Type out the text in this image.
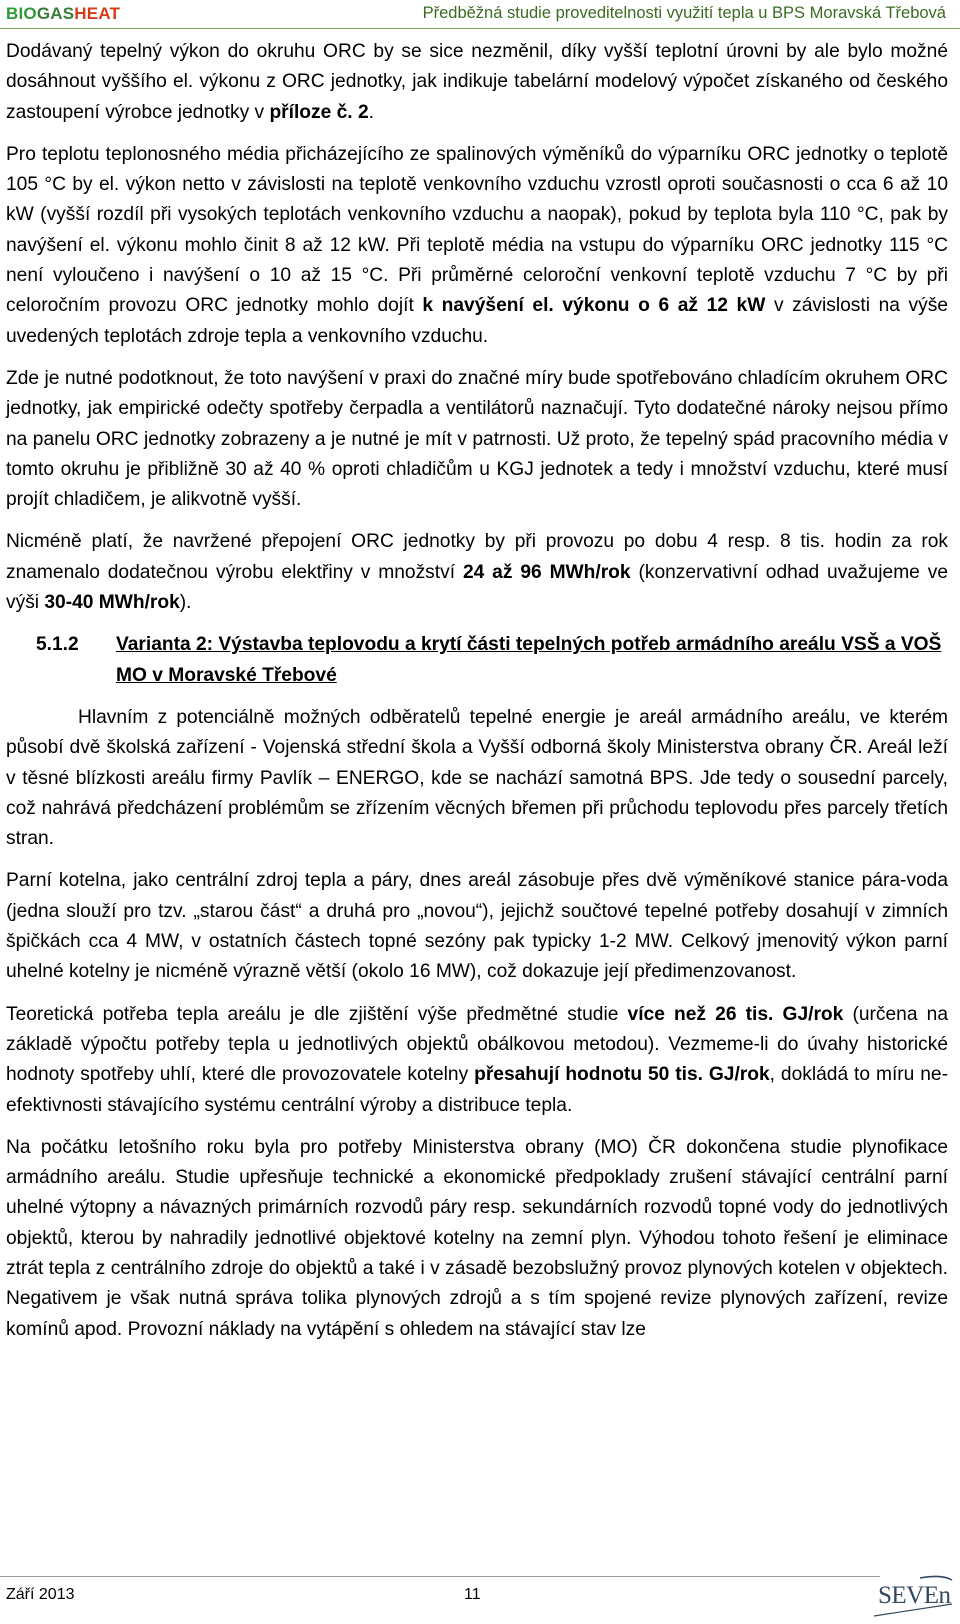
BIOGASHEAT	Předběžná studie proveditelnosti využití tepla u BPS Moravská Třebová

Dodávaný tepelný výkon do okruhu ORC by se sice nezměnil, díky vyšší teplotní úrovni by ale bylo možné dosáhnout vyššího el. výkonu z ORC jednotky, jak indikuje tabelární modelový výpočet získaného od českého zastoupení výrobce jednotky v příloze č. 2.

Pro teplotu teplonosného média přicházejícího ze spalinových výměníků do výparníku ORC jednotky o teplotě 105 °C by el. výkon netto v závislosti na teplotě venkovního vzduchu vzrostl oproti současnosti o cca 6 až 10 kW (vyšší rozdíl při vysokých teplotách venkovního vzduchu a naopak), pokud by teplota byla 110 °C, pak by navýšení el. výkonu mohlo činit 8 až 12 kW. Při teplotě média na vstupu do výparníku ORC jednotky 115 °C není vyloučeno i navýšení o 10 až 15 °C. Při průměrné celoroční venkovní teplotě vzduchu 7 °C by při celoročním provozu ORC jednotky mohlo dojít k navýšení el. výkonu o 6 až 12 kW v závislosti na výše uvedených teplotách zdroje tepla a venkovního vzduchu.

Zde je nutné podotknout, že toto navýšení v praxi do značné míry bude spotřebováno chladícím okruhem ORC jednotky, jak empirické odečty spotřeby čerpadla a ventilátorů naznačují. Tyto dodatečné nároky nejsou přímo na panelu ORC jednotky zobrazeny a je nutné je mít v patrnosti. Už proto, že tepelný spád pracovního média v tomto okruhu je přibližně 30 až 40 % oproti chladičům u KGJ jednotek a tedy i množství vzduchu, které musí projít chladičem, je alikvotně vyšší.

Nicméně platí, že navržené přepojení ORC jednotky by při provozu po dobu 4 resp. 8 tis. hodin za rok znamenalo dodatečnou výrobu elektřiny v množství 24 až 96 MWh/rok (konzervativní odhad uvažujeme ve výši 30-40 MWh/rok).

5.1.2	Varianta 2: Výstavba teplovodu a krytí části tepelných potřeb armádního areálu VSŠ a VOŠ MO v Moravské Třebové

Hlavním z potenciálně možných odběratelů tepelné energie je areál armádního areálu, ve kterém působí dvě školská zařízení - Vojenská střední škola a Vyšší odborná školy Ministerstva obrany ČR. Areál leží v těsné blízkosti areálu firmy Pavlík – ENERGO, kde se nachází samotná BPS. Jde tedy o sousední parcely, což nahrává předcházení problémům se zřízením věcných břemen při průchodu teplovodu přes parcely třetích stran.

Parní kotelna, jako centrální zdroj tepla a páry, dnes areál zásobuje přes dvě výměníkové stanice pára-voda (jedna slouží pro tzv. „starou část“ a druhá pro „novou“), jejichž součtové tepelné potřeby dosahují v zimních špičkách cca 4 MW, v ostatních částech topné sezóny pak typicky 1-2 MW. Celkový jmenovitý výkon parní uhelné kotelny je nicméně výrazně větší (okolo 16 MW), což dokazuje její předimenzovanost.

Teoretická potřeba tepla areálu je dle zjištění výše předmětné studie více než 26 tis. GJ/rok (určena na základě výpočtu potřeby tepla u jednotlivých objektů obálkovou metodou). Vezmeme-li do úvahy historické hodnoty spotřeby uhlí, které dle provozovatele kotelny přesahují hodnotu 50 tis. GJ/rok, dokládá to míru ne-efektivnosti stávajícího systému centrální výroby a distribuce tepla.

Na počátku letošního roku byla pro potřeby Ministerstva obrany (MO) ČR dokončena studie plynofikace armádního areálu. Studie upřesňuje technické a ekonomické předpoklady zrušení stávající centrální parní uhelné výtopny a návazných primárních rozvodů páry resp. sekundárních rozvodů topné vody do jednotlivých objektů, kterou by nahradily jednotlivé objektové kotelny na zemní plyn. Výhodou tohoto řešení je eliminace ztrát tepla z centrálního zdroje do objektů a také i v zásadě bezobslužný provoz plynových kotelen v objektech. Negativem je však nutná správa tolika plynových zdrojů a s tím spojené revize plynových zařízení, revize komínů apod. Provozní náklady na vytápění s ohledem na stávající stav lze

Září 2013	11	SEVEn
